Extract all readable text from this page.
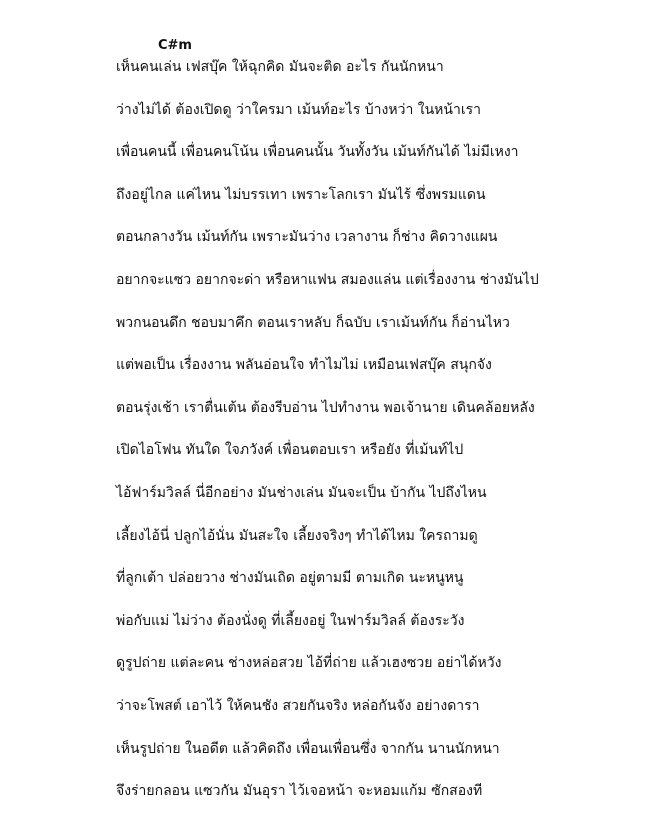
C#m

เห็นคนเล่น เฟสบุ๊ค ให้ฉุกคิด มันจะติด อะไร กันนักหนา
ว่างไม่ได้ ต้องเปิดดู ว่าใครมา เม้นท์อะไร บ้างหว่า ในหน้าเรา
เพื่อนคนนี้ เพื่อนคนโน้น เพื่อนคนนั้น วันทั้งวัน เม้นท์กันได้ ไม่มีเหงา
ถึงอยู่ไกล แค่ไหน ไม่บรรเทา เพราะโลกเรา มันไร้ ซึ่งพรมแดน
ตอนกลางวัน เม้นท์กัน เพราะมันว่าง เวลางาน ก็ช่าง คิดวางแผน
อยากจะแซว อยากจะด่า หรือหาแฟน สมองแล่น แต่เรื่องงาน ช่างมันไป
พวกนอนดึก ชอบมาคึก ตอนเราหลับ ก็ฉบับ เราเม้นท์กัน ก็อ่านไหว
แต่พอเป็น เรื่องงาน พลันอ่อนใจ ทำไมไม่ เหมือนเฟสบุ๊ค สนุกจัง
ตอนรุ่งเช้า เราตื่นเต้น ต้องรีบอ่าน ไปทำงาน พอเจ้านาย เดินคล้อยหลัง
เปิดไอโฟน ทันใด ใจภวังค์ เพื่อนตอบเรา หรือยัง ที่เม้นท์ไป
ไอ้ฟาร์มวิลล์ นี่อีกอย่าง มันช่างเล่น มันจะเป็น บ้ากัน ไปถึงไหน
เลี้ยงไอ้นี่ ปลูกไอ้นั่น มันสะใจ เลี้ยงจริงๆ ทำได้ไหม ใครถามดู
ที่ลูกเต้า ปล่อยวาง ช่างมันเถิด อยู่ตามมี ตามเกิด นะหนูหนู
พ่อกับแม่ ไม่ว่าง ต้องนั่งดู ที่เลี้ยงอยู่ ในฟาร์มวิลล์ ต้องระวัง
ดูรูปถ่าย แต่ละคน ช่างหล่อสวย ไอ้ที่ถ่าย แล้วเฮงซวย อย่าได้หวัง
ว่าจะโพสต์ เอาไว้ ให้คนชัง สวยกันจริง หล่อกันจัง อย่างดารา
เห็นรูปถ่าย ในอดีต แล้วคิดถึง เพื่อนเพื่อนซึ่ง จากกัน นานนักหนา
จึงร่ายกลอน แซวกัน มันอุรา ไว้เจอหน้า จะหอมแก้ม ซักสองที
